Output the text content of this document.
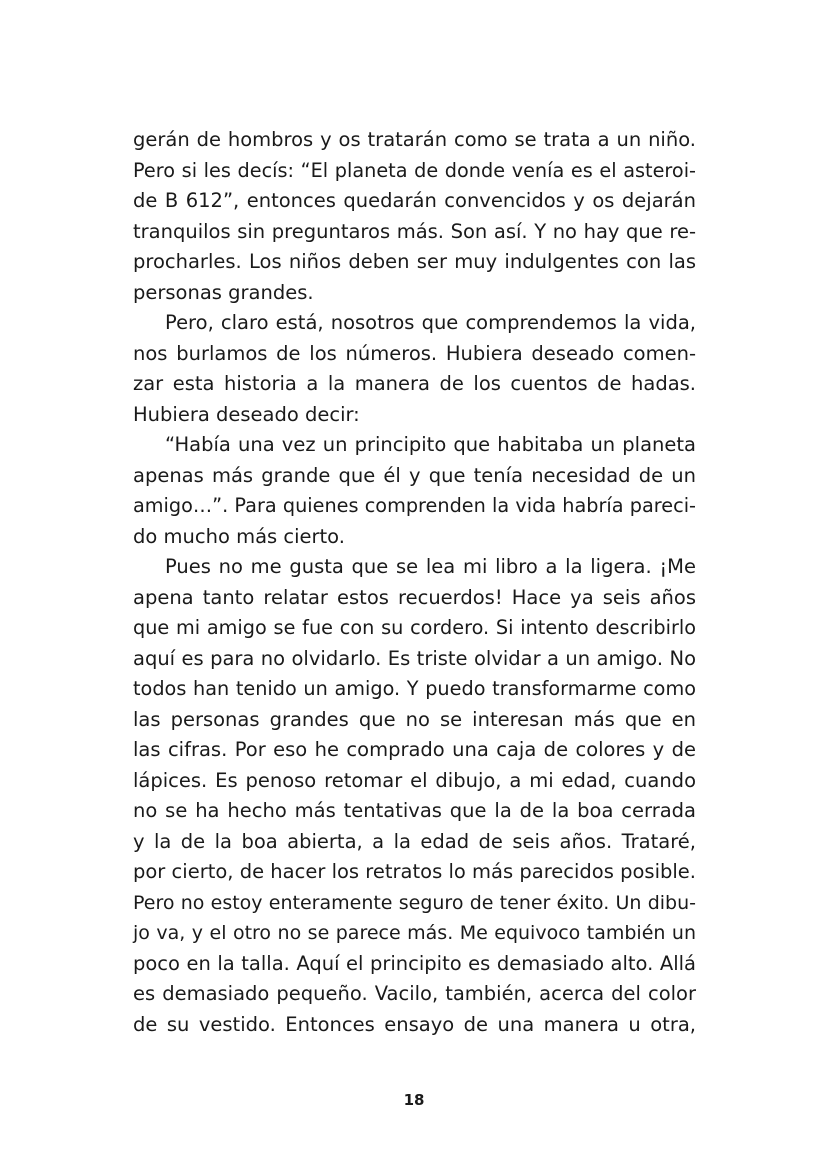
gerán de hombros y os tratarán como se trata a un niño.
Pero si les decís: “El planeta de donde venía es el asteroi-
de B 612”, entonces quedarán convencidos y os dejarán
tranquilos sin preguntaros más. Son así. Y no hay que re-
procharles. Los niños deben ser muy indulgentes con las
personas grandes.
Pero, claro está, nosotros que comprendemos la vida,
nos burlamos de los números. Hubiera deseado comen-
zar esta historia a la manera de los cuentos de hadas.
Hubiera deseado decir:
“Había una vez un principito que habitaba un planeta
apenas más grande que él y que tenía necesidad de un
amigo…”. Para quienes comprenden la vida habría pareci-
do mucho más cierto.
Pues no me gusta que se lea mi libro a la ligera. ¡Me
apena tanto relatar estos recuerdos! Hace ya seis años
que mi amigo se fue con su cordero. Si intento describirlo
aquí es para no olvidarlo. Es triste olvidar a un amigo. No
todos han tenido un amigo. Y puedo transformarme como
las personas grandes que no se interesan más que en
las cifras. Por eso he comprado una caja de colores y de
lápices. Es penoso retomar el dibujo, a mi edad, cuando
no se ha hecho más tentativas que la de la boa cerrada
y la de la boa abierta, a la edad de seis años. Trataré,
por cierto, de hacer los retratos lo más parecidos posible.
Pero no estoy enteramente seguro de tener éxito. Un dibu-
jo va, y el otro no se parece más. Me equivoco también un
poco en la talla. Aquí el principito es demasiado alto. Allá
es demasiado pequeño. Vacilo, también, acerca del color
de su vestido. Entonces ensayo de una manera u otra,
18
